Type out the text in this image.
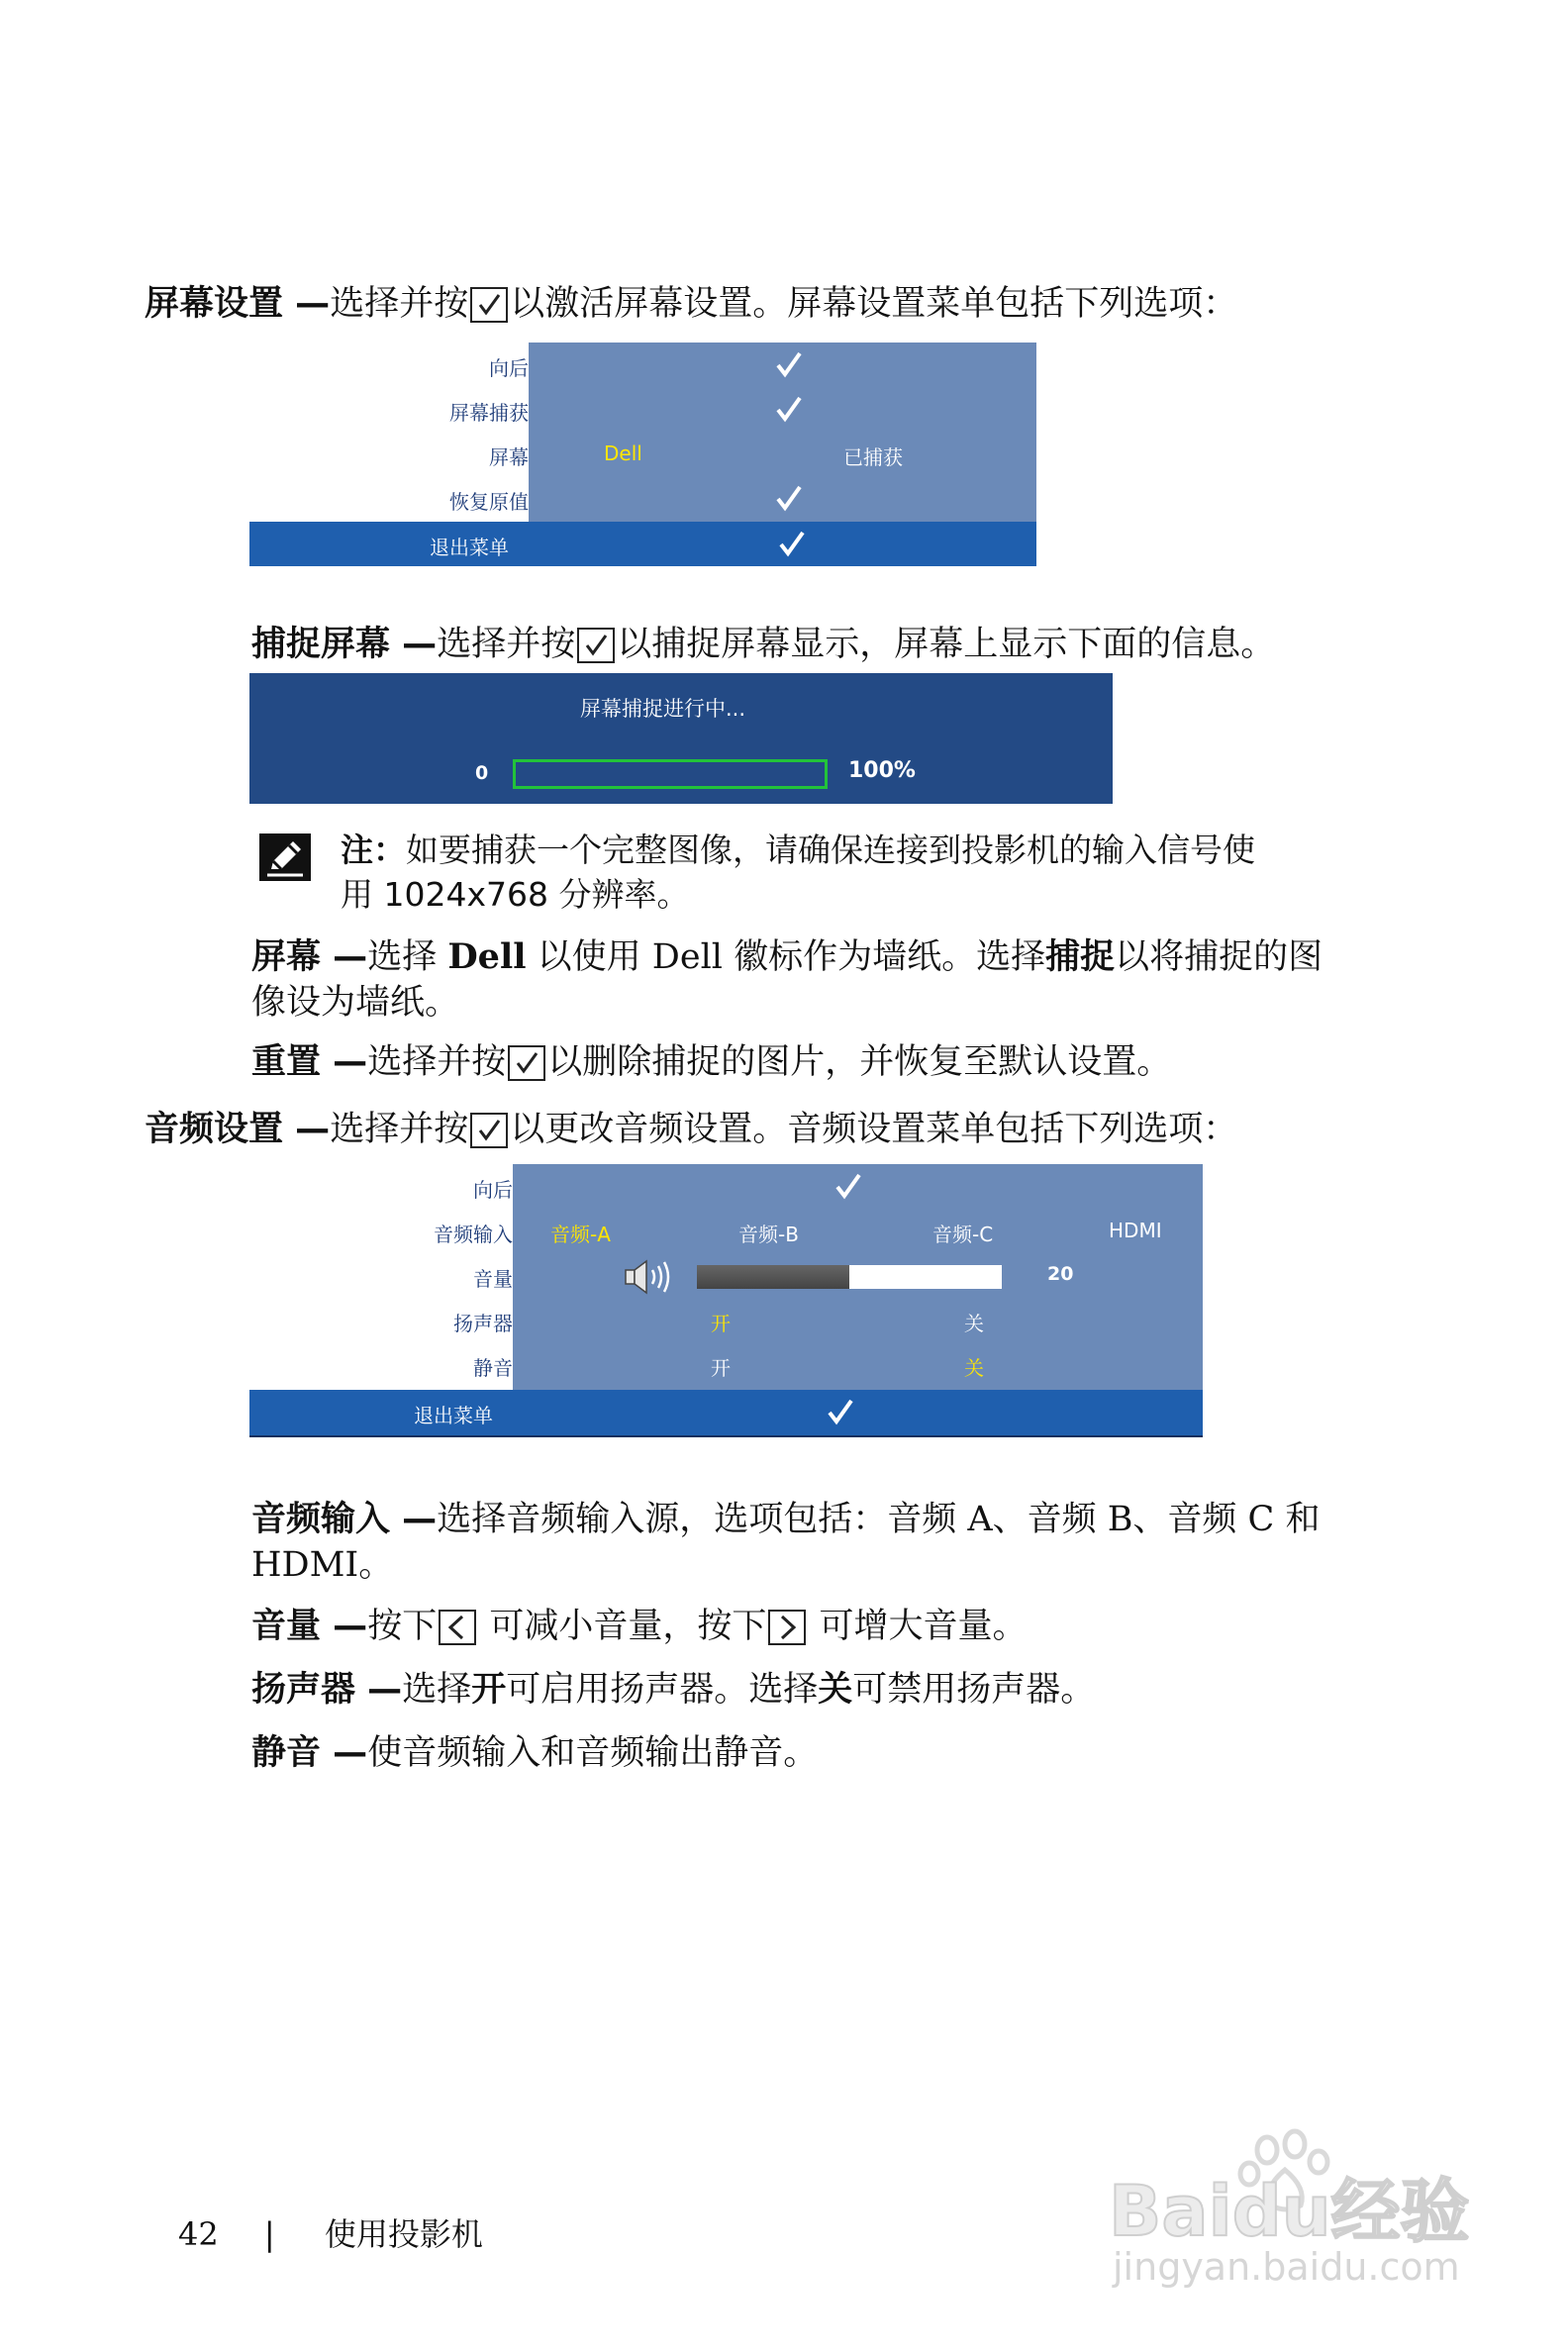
屏幕设置 —选择并按 以激活屏幕设置。屏幕设置菜单包括下列选项：
向后
屏幕捕获
屏幕	Dell	已捕获
恢复原值
退出菜单
捕捉屏幕 —选择并按 以捕捉屏幕显示，屏幕上显示下面的信息。
屏幕捕捉进行中...
0	100%
注：如要捕获一个完整图像，请确保连接到投影机的输入信号使
用 1024x768 分辨率。
屏幕 —选择 Dell 以使用 Dell 徽标作为墙纸。选择捕捉以将捕捉的图
像设为墙纸。
重置 —选择并按 以删除捕捉的图片，并恢复至默认设置。
音频设置 —选择并按 以更改音频设置。音频设置菜单包括下列选项：
向后
音频输入 音频-A	音频-B	音频-C	HDMI
音量	20
扬声器	开	关
静音	开	关
退出菜单
音频输入 —选择音频输入源，选项包括：音频 A、音频 B、音频 C 和
HDMI。
音量 —按下
可减小音量，按下
可增大音量。
扬声器 —选择开可启用扬声器。选择关可禁用扬声器。
静音 —使音频输入和音频输出静音。
42 | 使用投影机	Baidu经验
jingyan.baidu.com
